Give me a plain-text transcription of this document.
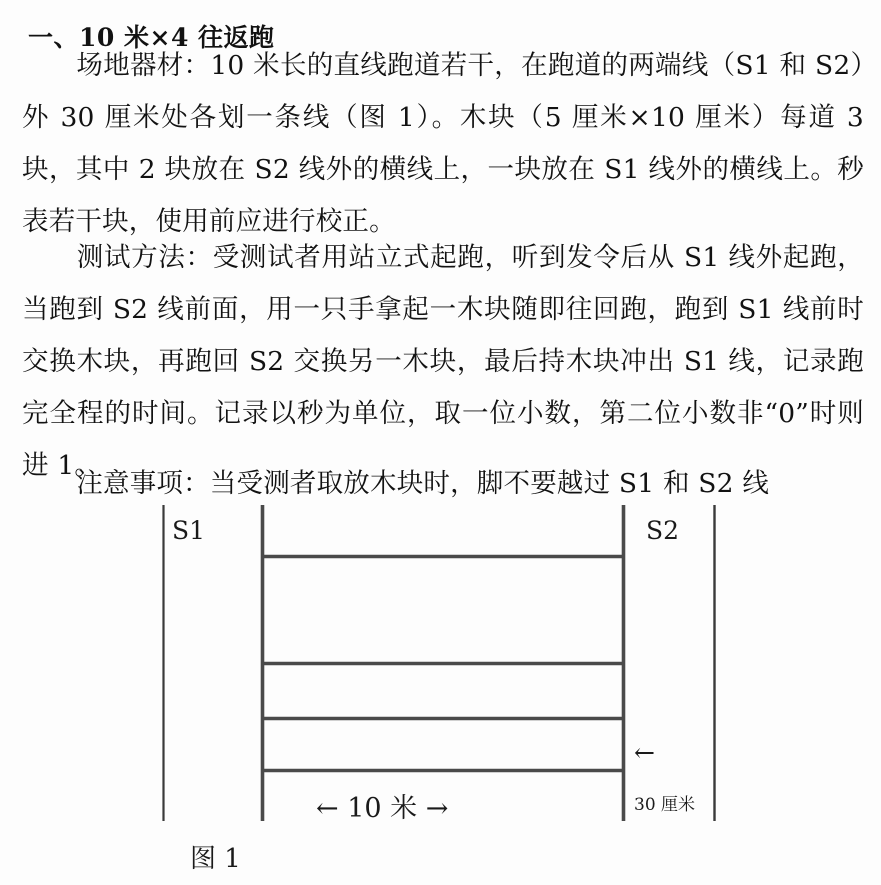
一、10 米×4 往返跑

场地器材：10 米长的直线跑道若干，在跑道的两端线（S1 和 S2）外 30 厘米处各划一条线（图 1）。木块（5 厘米×10 厘米）每道 3 块，其中 2 块放在 S2 线外的横线上，一块放在 S1 线外的横线上。秒表若干块，使用前应进行校正。

测试方法：受测试者用站立式起跑，听到发令后从 S1 线外起跑，当跑到 S2 线前面，用一只手拿起一木块随即往回跑，跑到 S1 线前时交换木块，再跑回 S2 交换另一木块，最后持木块冲出 S1 线，记录跑完全程的时间。记录以秒为单位，取一位小数，第二位小数非“0”时则进 1。

注意事项：当受测者取放木块时，脚不要越过 S1 和 S2 线

S1	S2
← 10 米 →
←
30 厘米
图 1
